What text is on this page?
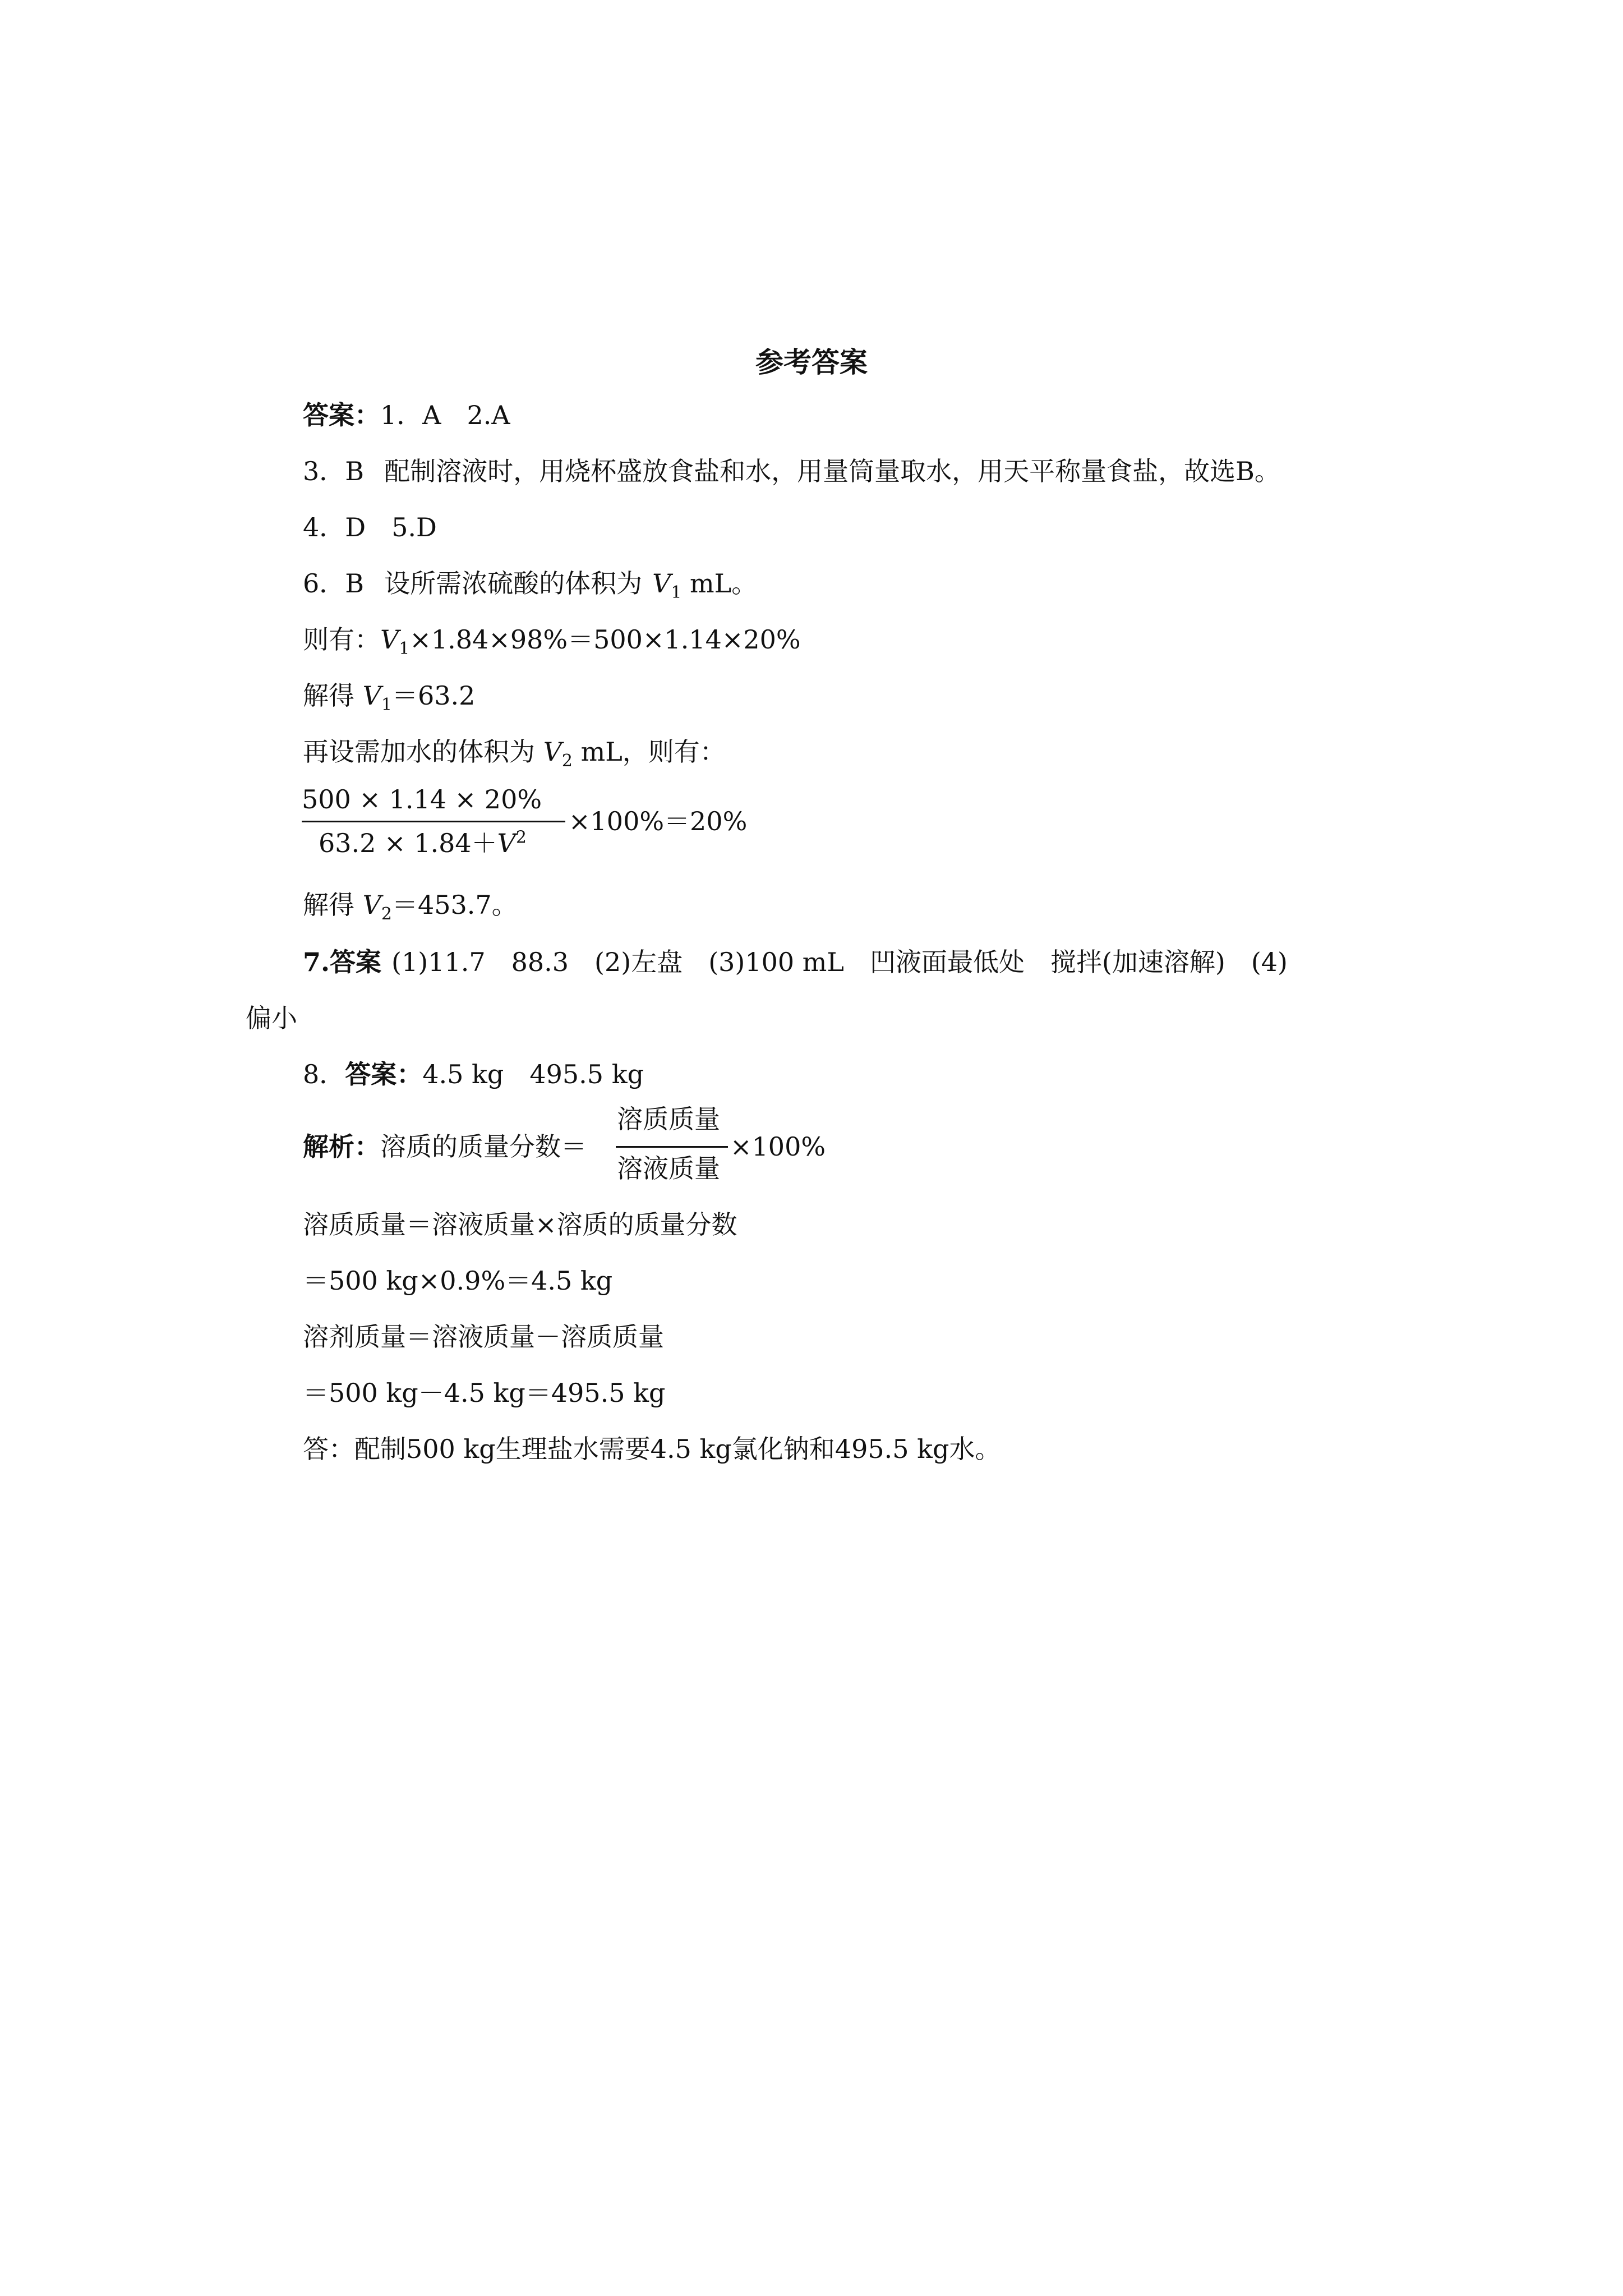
参考答案
答案：1．A　2.A
3．B 配制溶液时，用烧杯盛放食盐和水，用量筒量取水，用天平称量食盐，故选B。
4．D　5.D
6．B 设所需浓硫酸的体积为 $V_1$ mL。
则有：$V_1\times 1.84\times 98\%=500\times 1.14\times 20\%$
解得 $V_1=63.2$
再设需加水的体积为 $V_2$ mL，则有：
500 × 1.14 × 20%
$63.2 \times 1.84+V^2$
×100%＝20%
解得 $V_2=453.7$。
7.答案 (1)11.7　88.3　(2)左盘　(3)100 mL　凹液面最低处　搅拌(加速溶解)　(4)
偏小
8．答案：4.5 kg　495.5 kg
解析：溶质的质量分数＝
溶质质量
溶液质量
×100%
溶质质量＝溶液质量×溶质的质量分数
＝500 kg×0.9%＝4.5 kg
溶剂质量＝溶液质量－溶质质量
＝500 kg－4.5 kg＝495.5 kg
答：配制500 kg生理盐水需要4.5 kg氯化钠和495.5 kg水。
